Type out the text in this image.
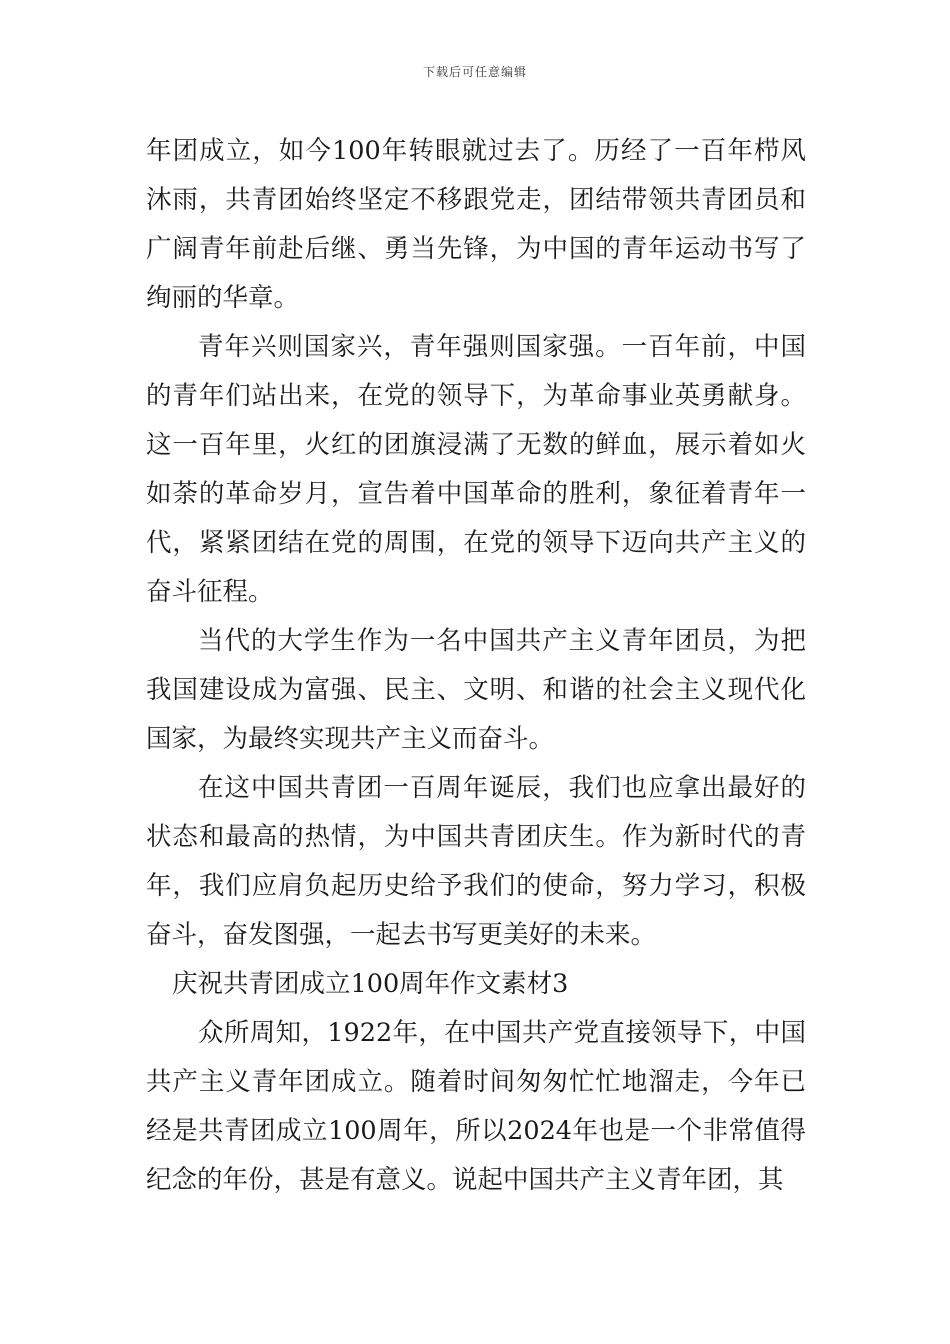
下载后可任意编辑

年团成立，如今100年转眼就过去了。历经了一百年栉风沐雨，共青团始终坚定不移跟党走，团结带领共青团员和广阔青年前赴后继、勇当先锋，为中国的青年运动书写了绚丽的华章。

青年兴则国家兴，青年强则国家强。一百年前，中国的青年们站出来，在党的领导下，为革命事业英勇献身。这一百年里，火红的团旗浸满了无数的鲜血，展示着如火如荼的革命岁月，宣告着中国革命的胜利，象征着青年一代，紧紧团结在党的周围，在党的领导下迈向共产主义的奋斗征程。

当代的大学生作为一名中国共产主义青年团员，为把我国建设成为富强、民主、文明、和谐的社会主义现代化国家，为最终实现共产主义而奋斗。

在这中国共青团一百周年诞辰，我们也应拿出最好的状态和最高的热情，为中国共青团庆生。作为新时代的青年，我们应肩负起历史给予我们的使命，努力学习，积极奋斗，奋发图强，一起去书写更美好的未来。

庆祝共青团成立100周年作文素材3

众所周知，1922年，在中国共产党直接领导下，中国共产主义青年团成立。随着时间匆匆忙忙地溜走，今年已经是共青团成立100周年，所以2024年也是一个非常值得纪念的年份，甚是有意义。说起中国共产主义青年团，其
